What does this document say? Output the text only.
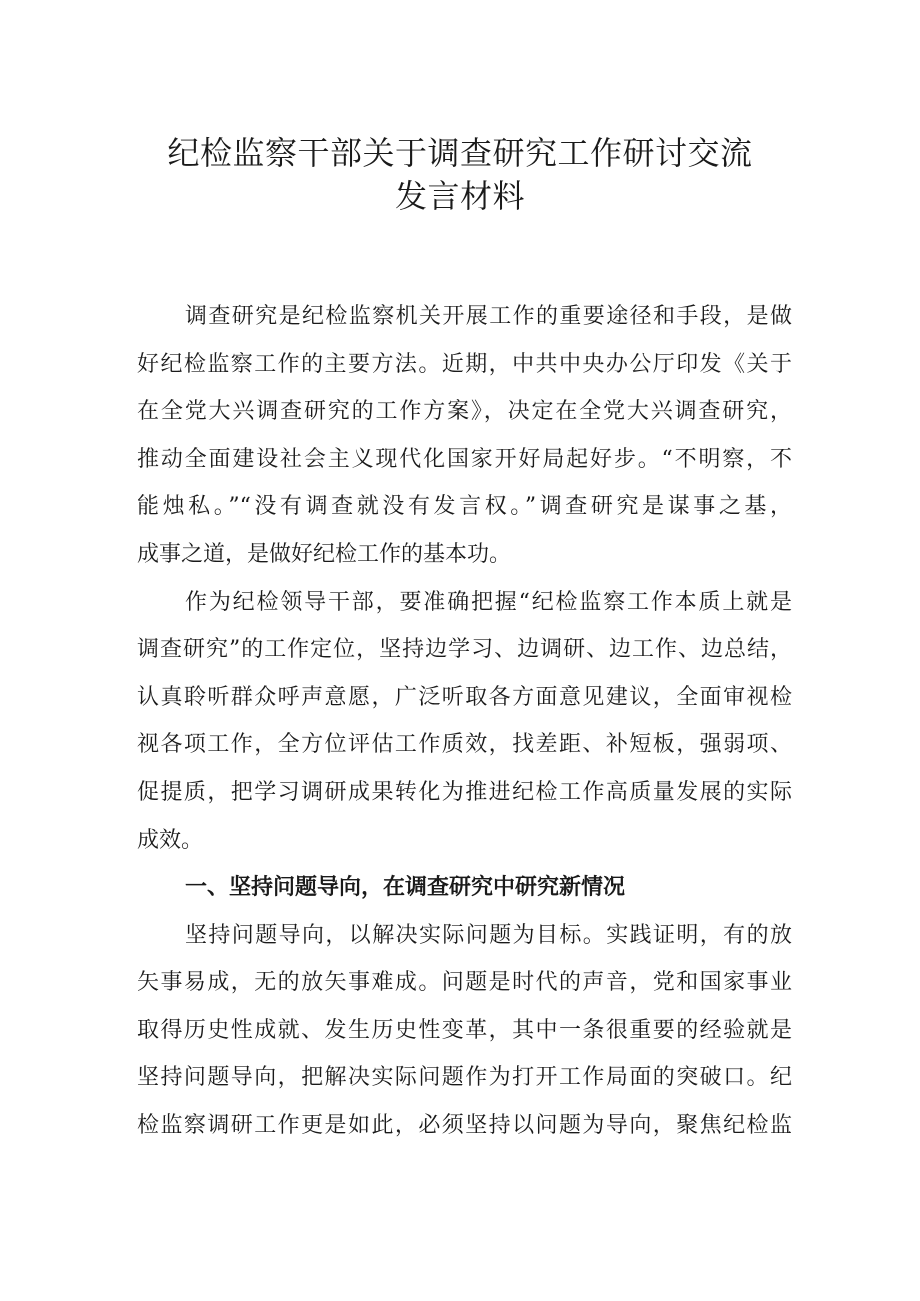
纪检监察干部关于调查研究工作研讨交流
发言材料
调查研究是纪检监察机关开展工作的重要途径和手段，是做
好纪检监察工作的主要方法。近期，中共中央办公厅印发《关于
在全党大兴调查研究的工作方案》，决定在全党大兴调查研究，
推动全面建设社会主义现代化国家开好局起好步。“不明察，不
能烛私。”“没有调查就没有发言权。”调查研究是谋事之基，
成事之道，是做好纪检工作的基本功。
作为纪检领导干部，要准确把握“纪检监察工作本质上就是
调查研究”的工作定位，坚持边学习、边调研、边工作、边总结，
认真聆听群众呼声意愿，广泛听取各方面意见建议，全面审视检
视各项工作，全方位评估工作质效，找差距、补短板，强弱项、
促提质，把学习调研成果转化为推进纪检工作高质量发展的实际
成效。
一、坚持问题导向，在调查研究中研究新情况
坚持问题导向，以解决实际问题为目标。实践证明，有的放
矢事易成，无的放矢事难成。问题是时代的声音，党和国家事业
取得历史性成就、发生历史性变革，其中一条很重要的经验就是
坚持问题导向，把解决实际问题作为打开工作局面的突破口。纪
检监察调研工作更是如此，必须坚持以问题为导向，聚焦纪检监
